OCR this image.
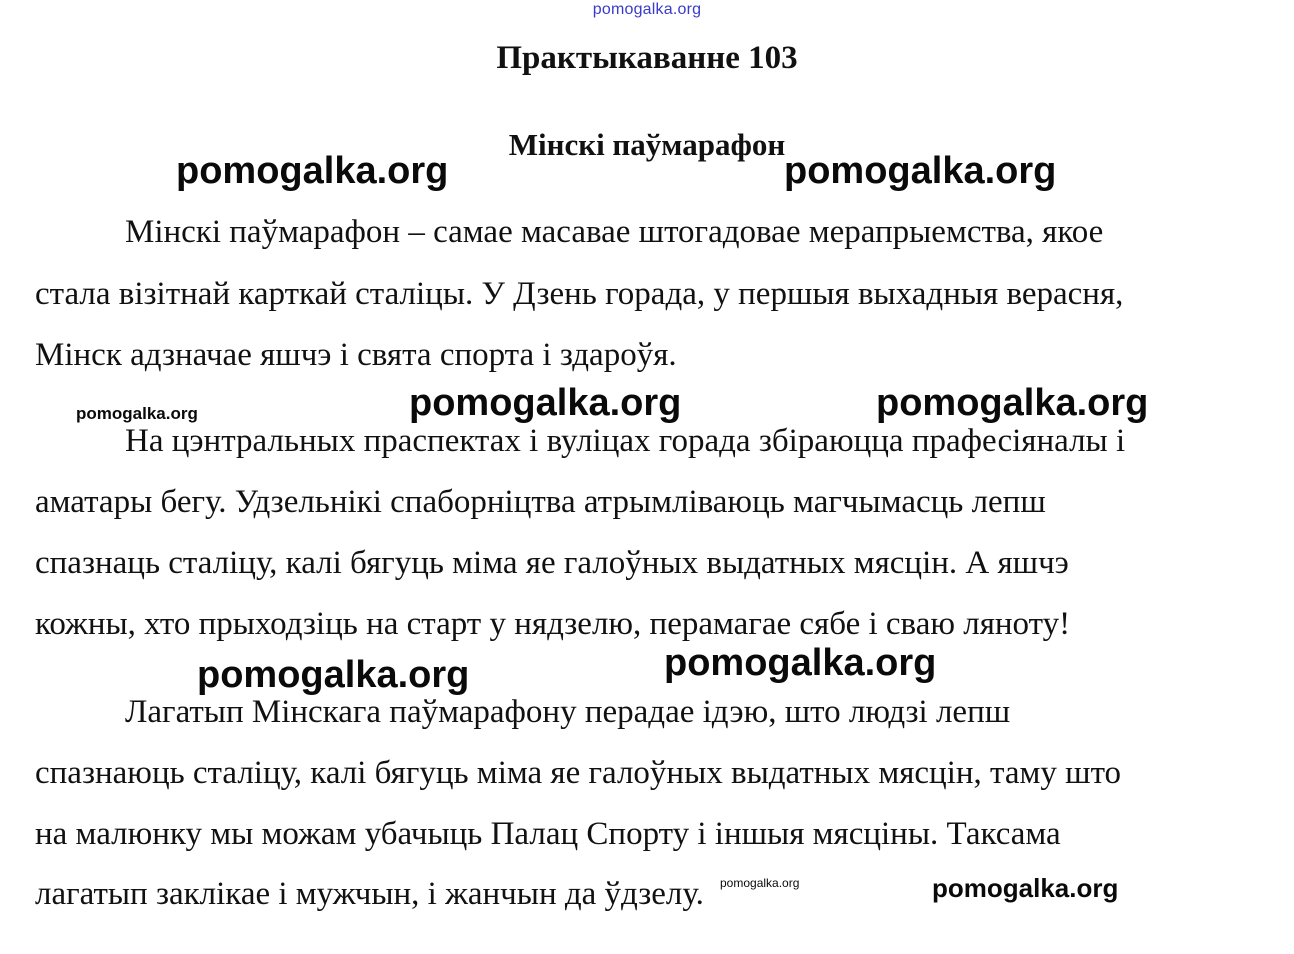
pomogalka.org
Практыкаванне 103
Мінскі паўмарафон
Мінскі паўмарафон – самае масавае штогадовае мерапрыемства, якое
стала візітнай карткай сталіцы. У Дзень горада, у першыя выхадныя верасня,
Мінск адзначае яшчэ і свята спорта і здароўя.
На цэнтральных праспектах і вуліцах горада збіраюцца прафесіяналы і
аматары бегу. Удзельнікі спаборніцтва атрымліваюць магчымасць лепш
спазнаць сталіцу, калі бягуць міма яе галоўных выдатных мясцін. А яшчэ
кожны, хто прыходзіць на старт у нядзелю, перамагае сябе і сваю ляноту!
Лагатып Мінскага паўмарафону перадае ідэю, што людзі лепш
спазнаюць сталіцу, калі бягуць міма яе галоўных выдатных мясцін, таму што
на малюнку мы можам убачыць Палац Спорту і іншыя мясціны. Таксама
лагатып заклікае і мужчын, і жанчын да ўдзелу.
pomogalka.org	pomogalka.org
pomogalka.org	pomogalka.org	pomogalka.org
pomogalka.org	pomogalka.org
pomogalka.org	pomogalka.org
